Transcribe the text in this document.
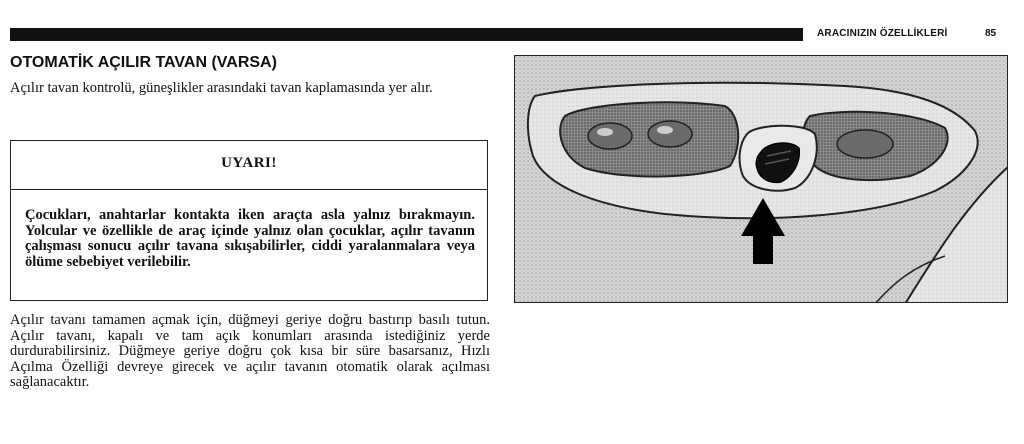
ARACINIZIN ÖZELLİKLERİ	85
OTOMATİK AÇILIR TAVAN (VARSA)

Açılır tavan kontrolü, güneşlikler arasındaki tavan kaplamasında yer alır.

UYARI!

Çocukları, anahtarlar kontakta iken araçta asla yalnız bırakmayın. Yolcular ve özellikle de araç içinde yalnız olan çocuklar, açılır tavanın çalışması sonucu açılır tavana sıkışabilirler, ciddi yaralanmalara veya ölüme sebebiyet verilebilir.

Açılır tavanı tamamen açmak için, düğmeyi geriye doğru bastırıp basılı tutun. Açılır tavanı, kapalı ve tam açık konumları arasında istediğiniz yerde durdurabilirsiniz. Düğmeye geriye doğru çok kısa bir süre basarsanız, Hızlı Açılma Özelliği devreye girecek ve açılır tavanın otomatik olarak açılması sağlanacaktır.
